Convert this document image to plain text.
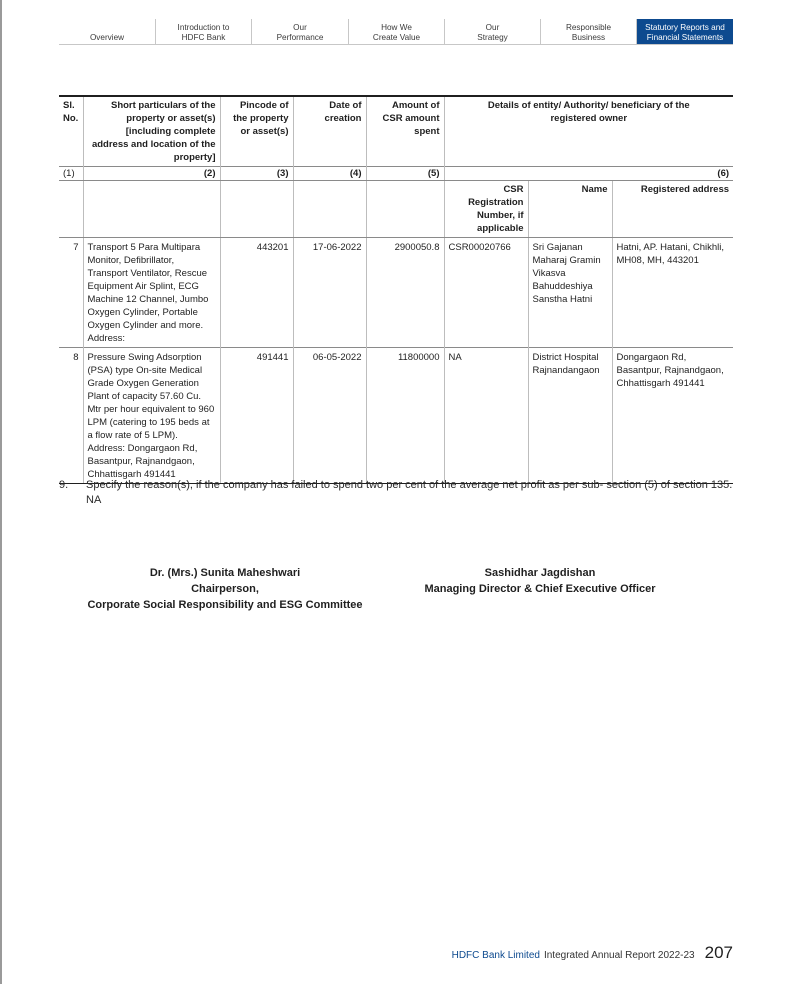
Overview
Introduction to
HDFC Bank
Our
Performance
How We
Create Value
Our
Strategy
Responsible
Business
Statutory Reports and
Financial Statements
Sl. No.	Short particulars of the property or asset(s) [including complete address and location of the property]	Pincode of the property or asset(s)	Date of creation	Amount of CSR amount spent	Details of entity/ Authority/ beneficiary of the registered owner		
(1)	(2)	(3)	(4)	(5)	(6)		
					CSR Registration Number, if applicable	Name	Registered address
7	Transport 5 Para Multipara Monitor, Defibrillator, Transport Ventilator, Rescue Equipment Air Splint, ECG Machine 12 Channel, Jumbo Oxygen Cylinder, Portable Oxygen Cylinder and more. Address:	443201	17-06-2022	2900050.8	CSR00020766	Sri Gajanan Maharaj Gramin Vikasva Bahuddeshiya Sanstha Hatni	Hatni, AP. Hatani, Chikhli, MH08, MH, 443201
8	Pressure Swing Adsorption (PSA) type On-site Medical Grade Oxygen Generation Plant of capacity 57.60 Cu. Mtr per hour equivalent to 960 LPM (catering to 195 beds at a flow rate of 5 LPM). Address: Dongargaon Rd, Basantpur, Rajnandgaon, Chhattisgarh 491441	491441	06-05-2022	11800000	NA	District Hospital Rajnandangaon	Dongargaon Rd, Basantpur, Rajnandgaon, Chhattisgarh 491441
9. Specify the reason(s), if the company has failed to spend two per cent of the average net profit as per sub- section (5) of section 135. NA
Dr. (Mrs.) Sunita Maheshwari
Chairperson,
Corporate Social Responsibility and ESG Committee
Sashidhar Jagdishan
Managing Director & Chief Executive Officer
HDFC Bank Limited Integrated Annual Report 2022-23 207
